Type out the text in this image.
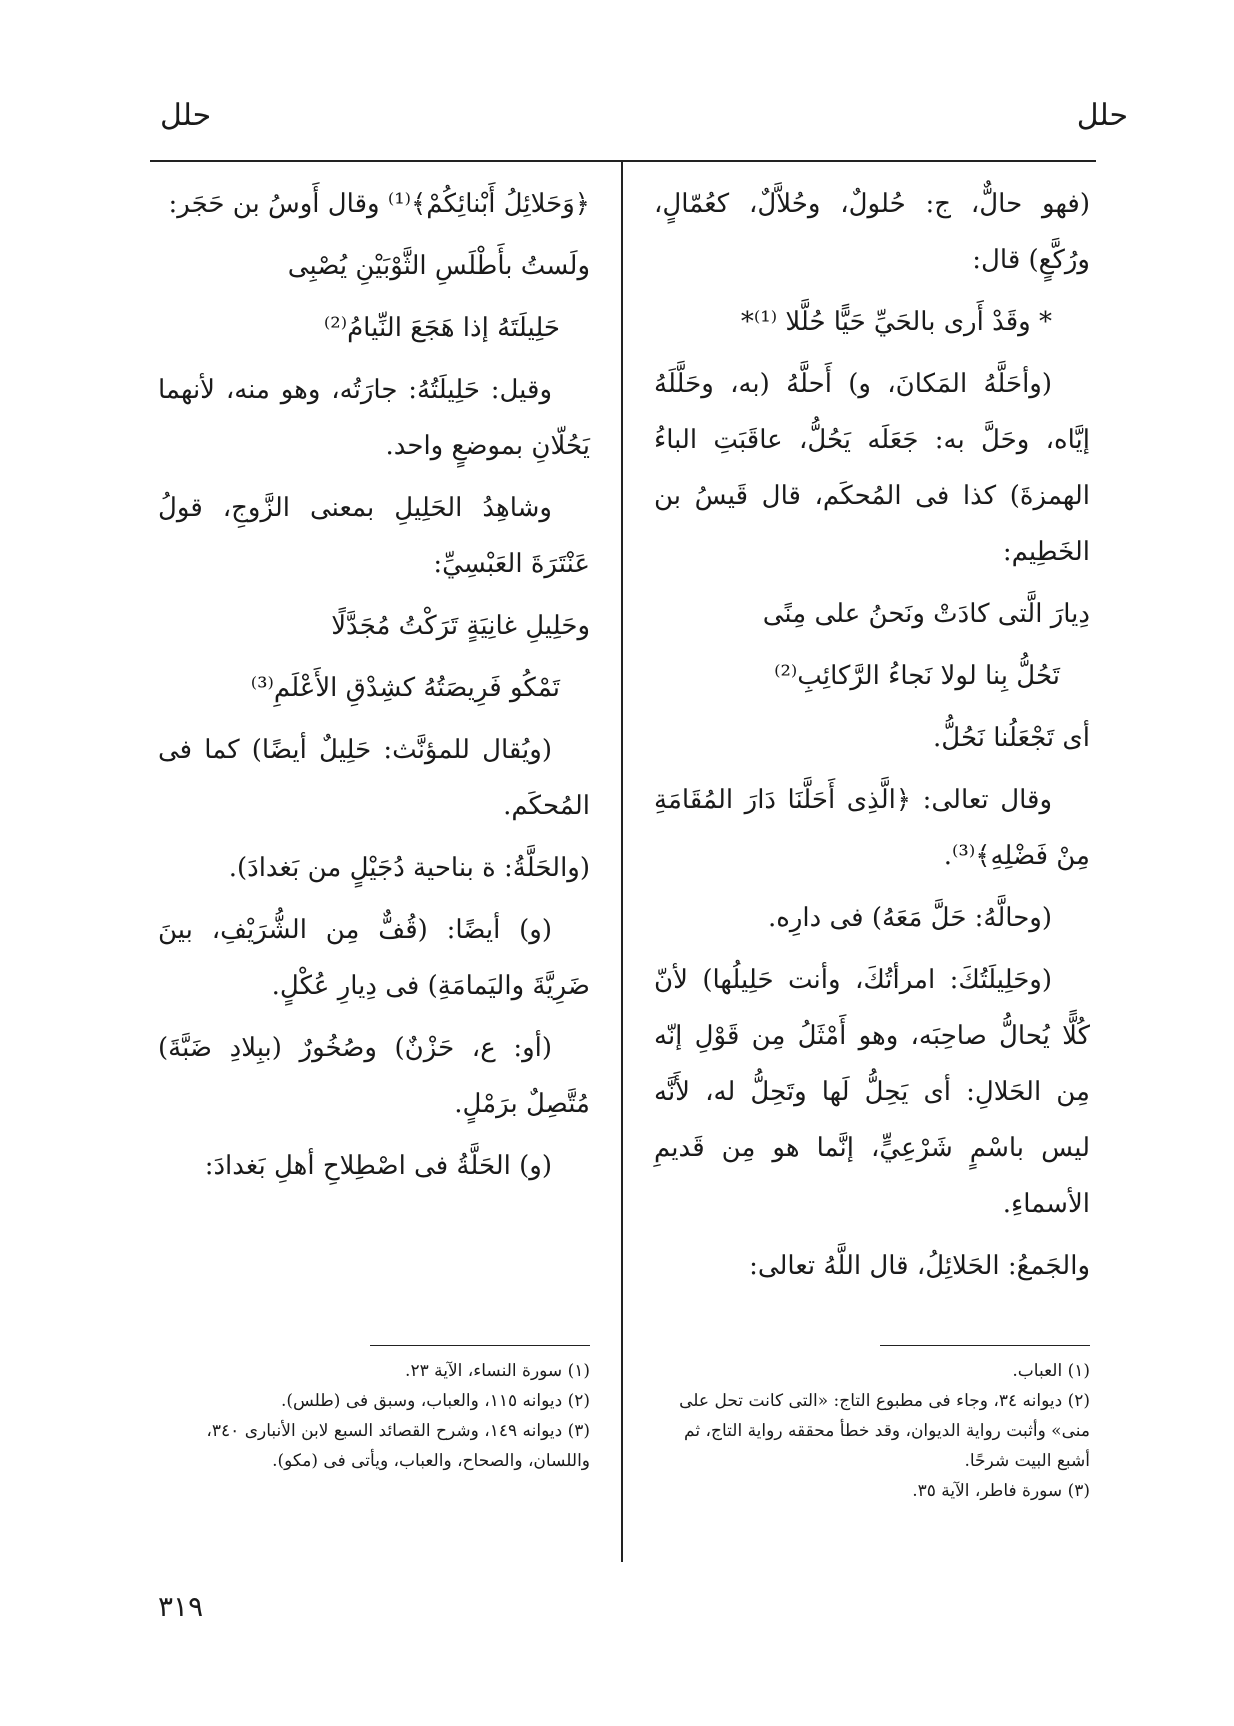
حلل
حلل

(فهو حالٌّ، ج: حُلولٌ، وحُلاَّلٌ، كعُمّالٍ، ورُكَّعٍ) قال:

* وقَدْ أَرى بالحَيِّ حَيًّا حُلَّلا ⁽¹⁾*

(وأحَلَّهُ المَكانَ، و) أَحلَّهُ (به، وحَلَّلَهُ إيَّاه، وحَلَّ به: جَعَلَه يَحُلُّ، عاقَبَتِ الباءُ الهمزةَ) كذا فى المُحكَم، قال قَيسُ بن الخَطِيم:

دِيارَ الَّتى كادَتْ ونَحنُ على مِنًى

تَحُلُّ بِنا لولا نَجاءُ الرَّكائِبِ⁽²⁾

أى تَجْعَلُنا نَحُلُّ.

وقال تعالى: ﴿الَّذِى أَحَلَّنَا دَارَ المُقَامَةِ مِنْ فَضْلِهِ﴾⁽³⁾.

(وحالَّهُ: حَلَّ مَعَهُ) فى دارِه.

(وحَلِيلَتُكَ: امرأتُكَ، وأنت حَلِيلُها) لأنّ كُلًّا يُحالُّ صاحِبَه، وهو أَمْثَلُ مِن قَوْلِ إنّه مِن الحَلالِ: أى يَحِلُّ لَها وتَحِلُّ له، لأَنَّه ليس باسْمٍ شَرْعِيٍّ، إنَّما هو مِن قَديمِ الأسماءِ.

والجَمعُ: الحَلائِلُ، قال اللَّهُ تعالى:

﴿وَحَلائِلُ أَبْنائِكُمْ﴾⁽¹⁾ وقال أَوسُ بن حَجَر:

ولَستُ بأَطْلَسِ الثَّوْبَيْنِ يُصْبِى

حَلِيلَتَهُ إذا هَجَعَ النِّيامُ⁽²⁾

وقيل: حَلِيلَتُهُ: جارَتُه، وهو منه، لأنهما يَحُلّانِ بموضعٍ واحد.

وشاهِدُ الحَلِيلِ بمعنى الزَّوجِ، قولُ عَنْتَرَةَ العَبْسِيِّ:

وحَلِيلِ غانِيَةٍ تَرَكْتُ مُجَدَّلًا

تَمْكُو فَرِيصَتُهُ كشِدْقِ الأَعْلَمِ⁽³⁾

(ويُقال للمؤنَّث: حَلِيلٌ أيضًا) كما فى المُحكَم.

(والحَلَّةُ: ة بناحية دُجَيْلٍ من بَغدادَ).

(و) أيضًا: (قُفٌّ مِن الشُّرَيْفِ، بينَ ضَرِيَّةَ واليَمامَةِ) فى دِيارِ عُكْلٍ.

(أو: ع، حَزْنٌ) وصُخُورٌ (ببِلادِ ضَبَّةَ) مُتَّصِلٌ برَمْلٍ.

(و) الحَلَّةُ فى اصْطِلاحِ أهلِ بَغدادَ:

(١) العباب.

(٢) ديوانه ٣٤، وجاء فى مطبوع التاج: «التى كانت تحل على منى» وأثبت رواية الديوان، وقد خطأ محققه رواية التاج، ثم أشبع البيت شرحًا.

(٣) سورة فاطر، الآية ٣٥.

(١) سورة النساء، الآية ٢٣.

(٢) ديوانه ١١٥، والعباب، وسبق فى (طلس).

(٣) ديوانه ١٤٩، وشرح القصائد السبع لابن الأنبارى ٣٤٠، واللسان، والصحاح، والعباب، ويأتى فى (مكو).

٣١٩
